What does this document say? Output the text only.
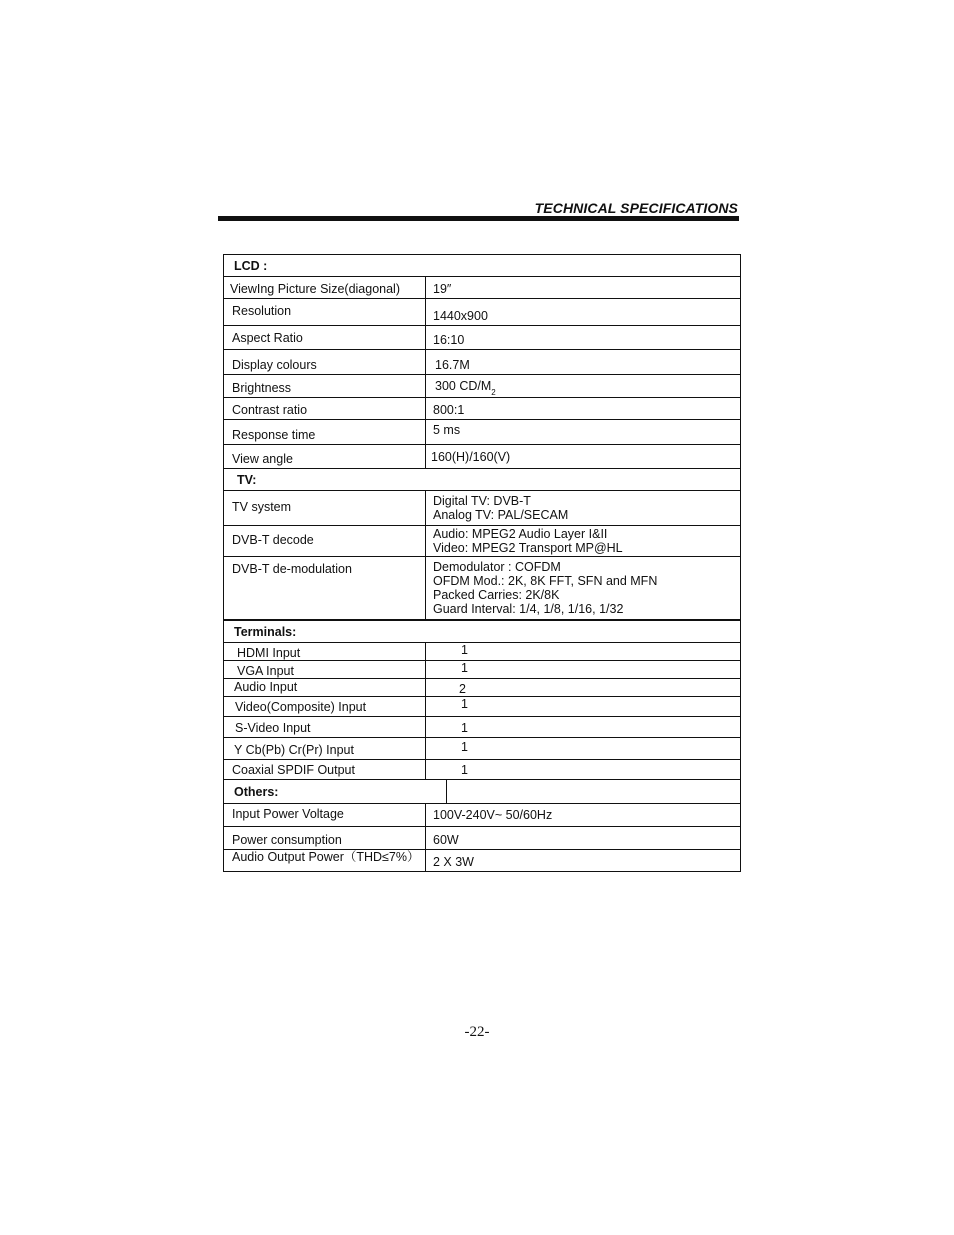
TECHNICAL SPECIFICATIONS
LCD :
ViewIng Picture Size(diagonal)	19″
Resolution	1440x900
Aspect Ratio	16:10
Display colours	16.7M
Brightness	300 CD/M 2
Contrast ratio	800:1
Response time	5 ms
View angle	160(H)/160(V)
TV:
TV system	Digital TV: DVB-T
Analog TV: PAL/SECAM
DVB-T decode	Audio: MPEG2 Audio Layer I&II
Video: MPEG2 Transport MP@HL
DVB-T de-modulation	Demodulator : COFDM
OFDM Mod.: 2K, 8K FFT, SFN and MFN
Packed Carries: 2K/8K
Guard Interval: 1/4, 1/8, 1/16, 1/32
Terminals:
HDMI Input	1
VGA Input	1
Audio Input	2
Video(Composite) Input	1
S-Video Input	1
Y Cb(Pb) Cr(Pr) Input	1
Coaxial SPDIF Output	1
Others:
Input Power Voltage	100V-240V~ 50/60Hz
Power consumption	60W
Audio Output Power（THD≤7%）	2 X 3W
-22-
